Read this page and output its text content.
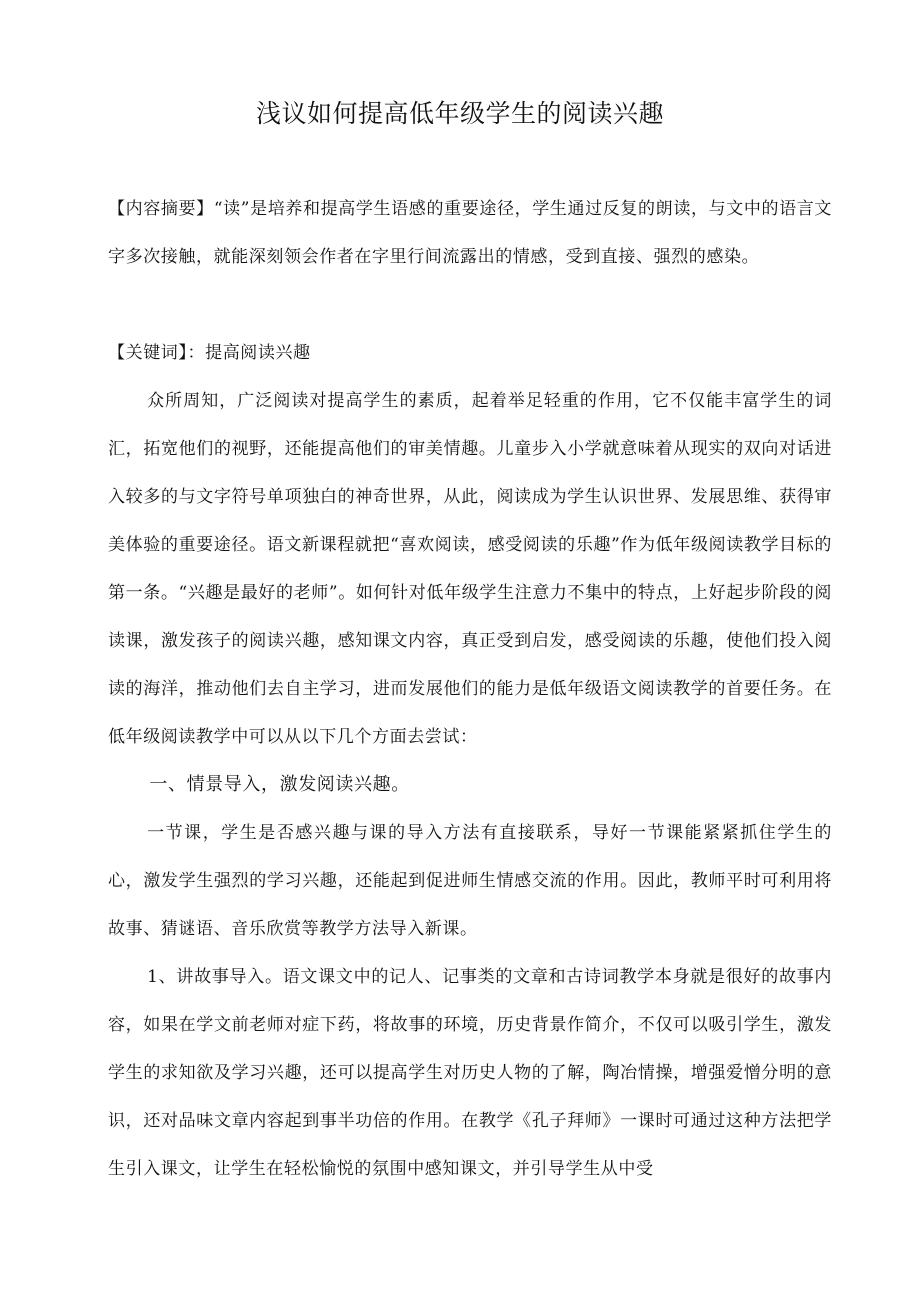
浅议如何提高低年级学生的阅读兴趣

【内容摘要】“读”是培养和提高学生语感的重要途径，学生通过反复的朗读，与文中的语言文字多次接触，就能深刻领会作者在字里行间流露出的情感，受到直接、强烈的感染。

【关键词】：提高阅读兴趣

众所周知，广泛阅读对提高学生的素质，起着举足轻重的作用，它不仅能丰富学生的词汇，拓宽他们的视野，还能提高他们的审美情趣。儿童步入小学就意味着从现实的双向对话进入较多的与文字符号单项独白的神奇世界，从此，阅读成为学生认识世界、发展思维、获得审美体验的重要途径。语文新课程就把“喜欢阅读，感受阅读的乐趣”作为低年级阅读教学目标的第一条。“兴趣是最好的老师”。如何针对低年级学生注意力不集中的特点，上好起步阶段的阅读课，激发孩子的阅读兴趣，感知课文内容，真正受到启发，感受阅读的乐趣，使他们投入阅读的海洋，推动他们去自主学习，进而发展他们的能力是低年级语文阅读教学的首要任务。在低年级阅读教学中可以从以下几个方面去尝试：

一、情景导入，激发阅读兴趣。

一节课，学生是否感兴趣与课的导入方法有直接联系，导好一节课能紧紧抓住学生的心，激发学生强烈的学习兴趣，还能起到促进师生情感交流的作用。因此，教师平时可利用将故事、猜谜语、音乐欣赏等教学方法导入新课。

1、讲故事导入。语文课文中的记人、记事类的文章和古诗词教学本身就是很好的故事内容，如果在学文前老师对症下药，将故事的环境，历史背景作简介，不仅可以吸引学生，激发学生的求知欲及学习兴趣，还可以提高学生对历史人物的了解，陶冶情操，增强爱憎分明的意识，还对品味文章内容起到事半功倍的作用。在教学《孔子拜师》一课时可通过这种方法把学生引入课文，让学生在轻松愉悦的氛围中感知课文，并引导学生从中受
